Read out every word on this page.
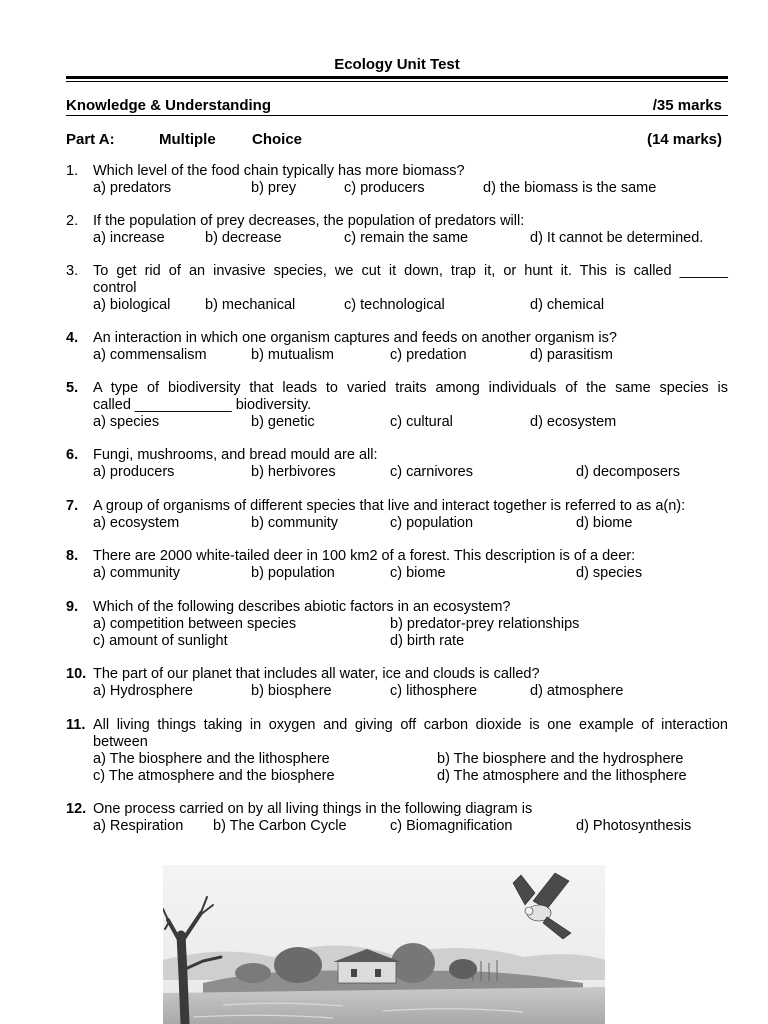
Ecology Unit Test
Knowledge & Understanding	/35 marks
Part A:	Multiple Choice	(14 marks)
1. Which level of the food chain typically has more biomass?
a) predators	b) prey	c) producers	d) the biomass is the same
2. If the population of prey decreases, the population of predators will:
a) increase	b) decrease	c) remain the same	d) It cannot be determined.
3. To get rid of an invasive species, we cut it down, trap it, or hunt it. This is called ______
control
a) biological b) mechanical	c) technological	d) chemical
4. An interaction in which one organism captures and feeds on another organism is?
a) commensalism	b) mutualism	c) predation	d) parasitism
5. A type of biodiversity that leads to varied traits among individuals of the same species is
called ____________ biodiversity.
a) species	b) genetic	c) cultural	d) ecosystem
6. Fungi, mushrooms, and bread mould are all:
a) producers	b) herbivores	c) carnivores	d) decomposers
7. A group of organisms of different species that live and interact together is referred to as a(n):
a) ecosystem	b) community	c) population	d) biome
8. There are 2000 white-tailed deer in 100 km2 of a forest. This description is of a deer:
a) community	b) population	c) biome	d) species
9. Which of the following describes abiotic factors in an ecosystem?
a) competition between species	b) predator-prey relationships
c) amount of sunlight	d) birth rate
10. The part of our planet that includes all water, ice and clouds is called?
a) Hydrosphere	b) biosphere	c) lithosphere	d) atmosphere
11. All living things taking in oxygen and giving off carbon dioxide is one example of interaction
between
a) The biosphere and the lithosphere	b) The biosphere and the hydrosphere
c) The atmosphere and the biosphere	d) The atmosphere and the lithosphere
12. One process carried on by all living things in the following diagram is
a) Respiration b) The Carbon Cycle	c) Biomagnification	d) Photosynthesis
